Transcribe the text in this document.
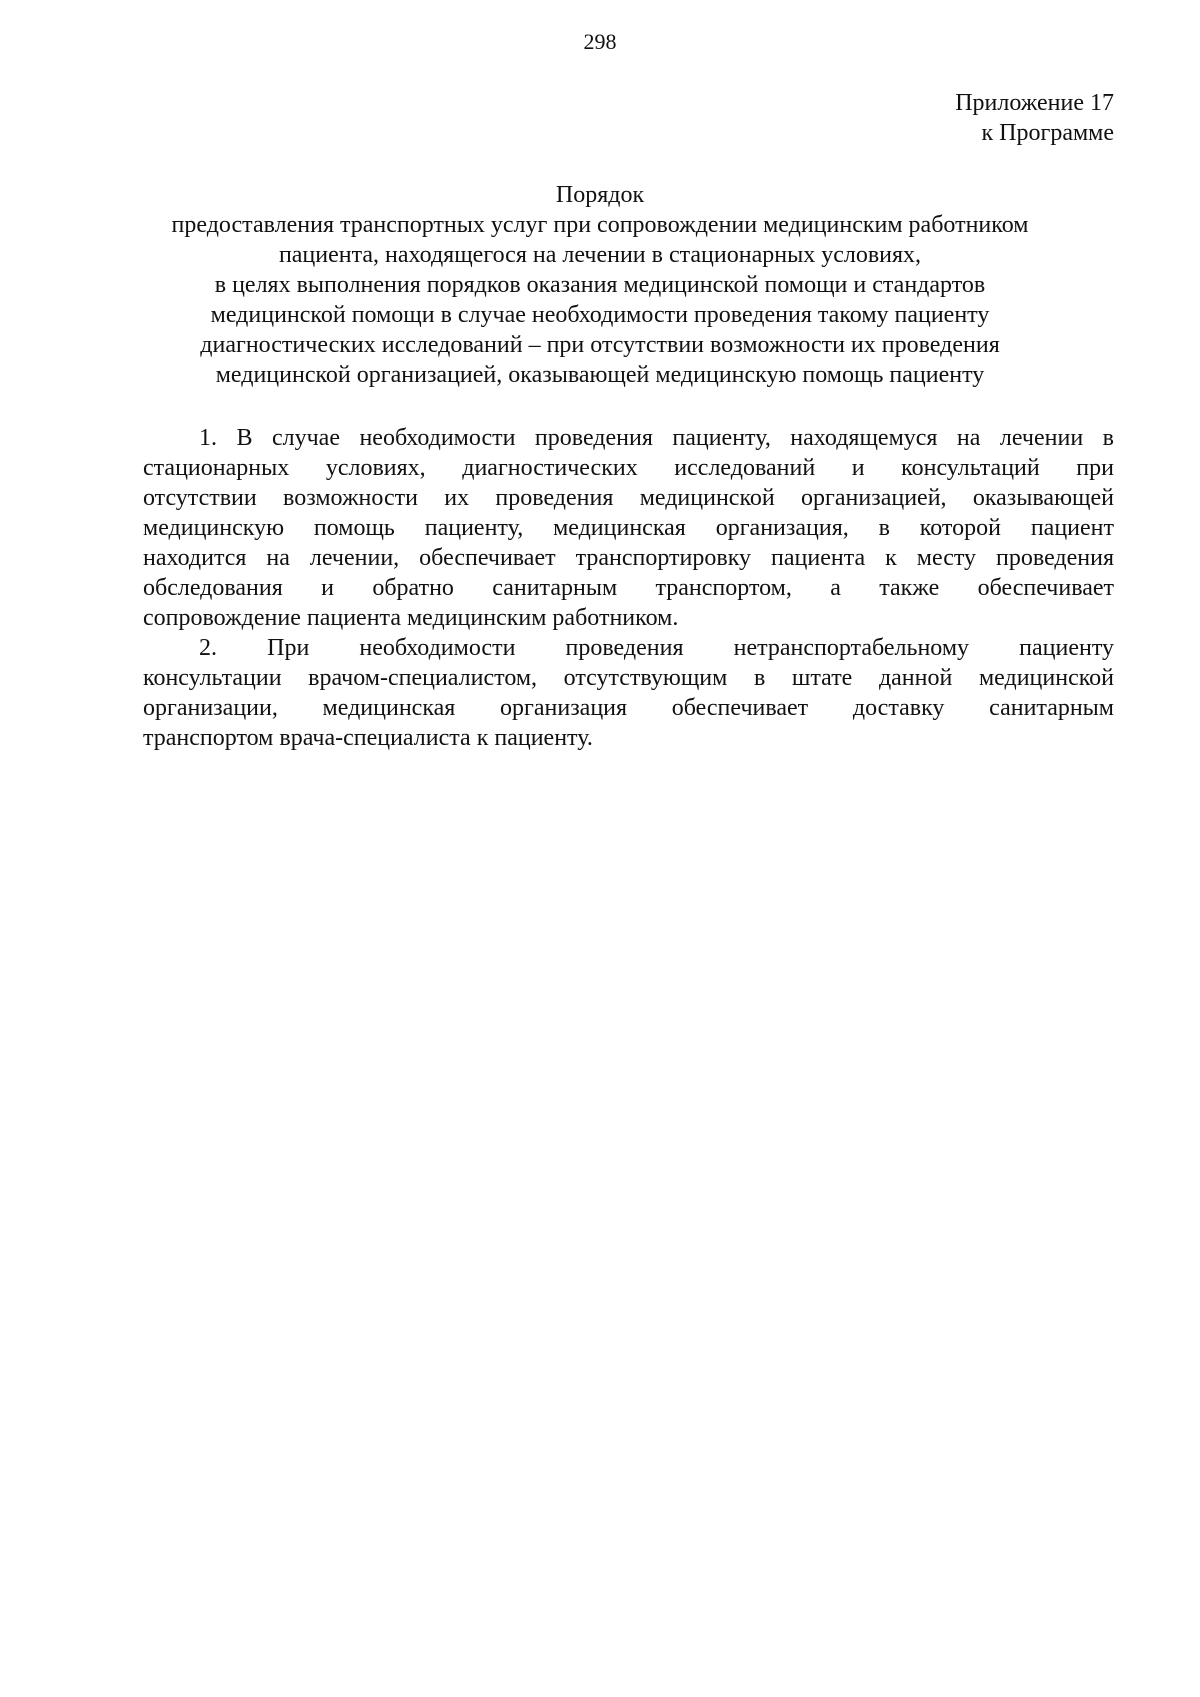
298
Приложение 17
к Программе
Порядок
предоставления транспортных услуг при сопровождении медицинским работником
пациента, находящегося на лечении в стационарных условиях,
в целях выполнения порядков оказания медицинской помощи и стандартов
медицинской помощи в случае необходимости проведения такому пациенту
диагностических исследований – при отсутствии возможности их проведения
медицинской организацией, оказывающей медицинскую помощь пациенту
1. В случае необходимости проведения пациенту, находящемуся на лечении в
стационарных условиях, диагностических исследований и консультаций при
отсутствии возможности их проведения медицинской организацией, оказывающей
медицинскую помощь пациенту, медицинская организация, в которой пациент
находится на лечении, обеспечивает транспортировку пациента к месту проведения
обследования и обратно санитарным транспортом, а также обеспечивает
сопровождение пациента медицинским работником.
2. При необходимости проведения нетранспортабельному пациенту
консультации врачом-специалистом, отсутствующим в штате данной медицинской
организации, медицинская организация обеспечивает доставку санитарным
транспортом врача-специалиста к пациенту.
